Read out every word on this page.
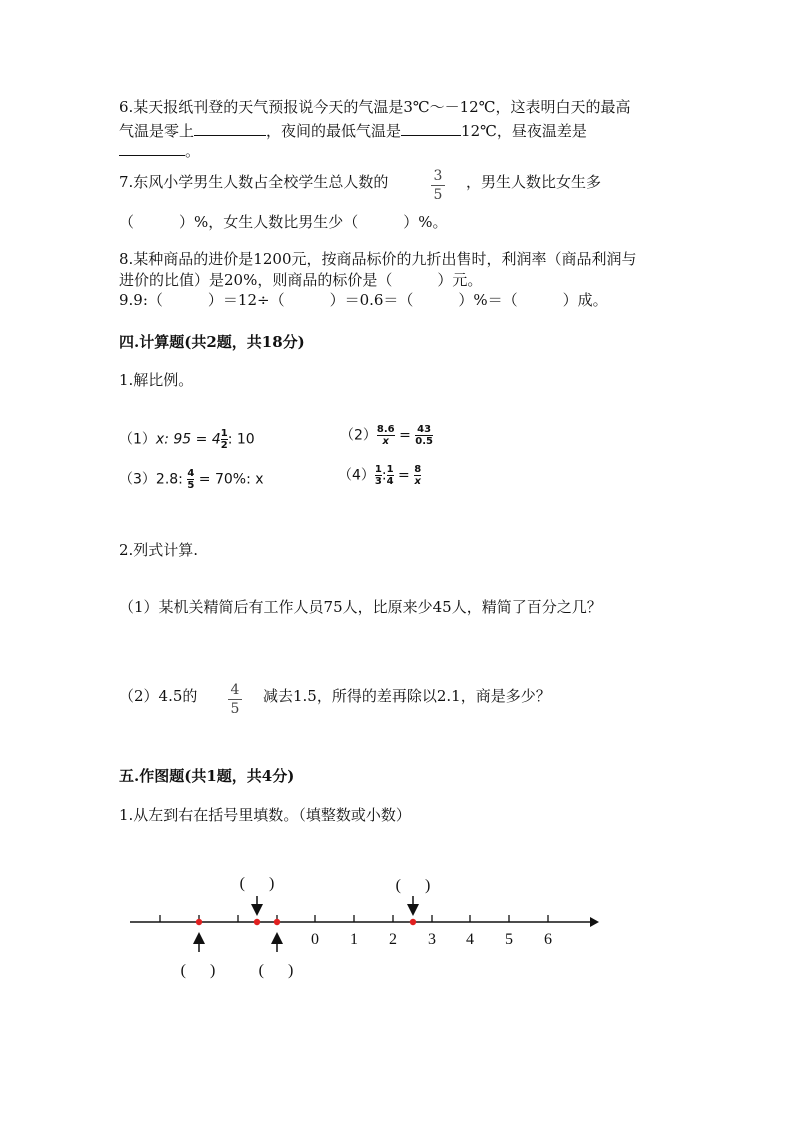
6.某天报纸刊登的天气预报说今天的气温是3℃～－12℃，这表明白天的最高
气温是零上	，夜间的最低气温是	12℃，昼夜温差是
。
7.东风小学男生人数占全校学生总人数的	3
5
，男生人数比女生多
（　　　）%，女生人数比男生少（　　　）%。
8.某种商品的进价是1200元，按商品标价的九折出售时，利润率（商品利润与
进价的比值）是20%，则商品的标价是（　　　）元。
9.9:（　　　）＝12÷（　　　）＝0.6＝（　　　）%＝（　　　）成。
四.计算题(共2题，共18分)
1.解比例。
（1）x: $95 = 4\frac{1}{2}$: 10	$(2)\frac{8.6}{x} = \frac{43}{0.5}$
（3）2.8: $\frac{4}{5} = 70\%$: x	$(4)\frac{1}{3}:\frac{1}{4} = \frac{8}{x}$
2.列式计算.
（1）某机关精简后有工作人员75人，比原来少45人，精简了百分之几？
（2）4.5的 4
5
减去1.5，所得的差再除以2.1，商是多少？
五.作图题(共1题，共4分)
1.从左到右在括号里填数。（填整数或小数）
0 1 2 3 4 5 6
(      )	(      )
(      )	(      )
